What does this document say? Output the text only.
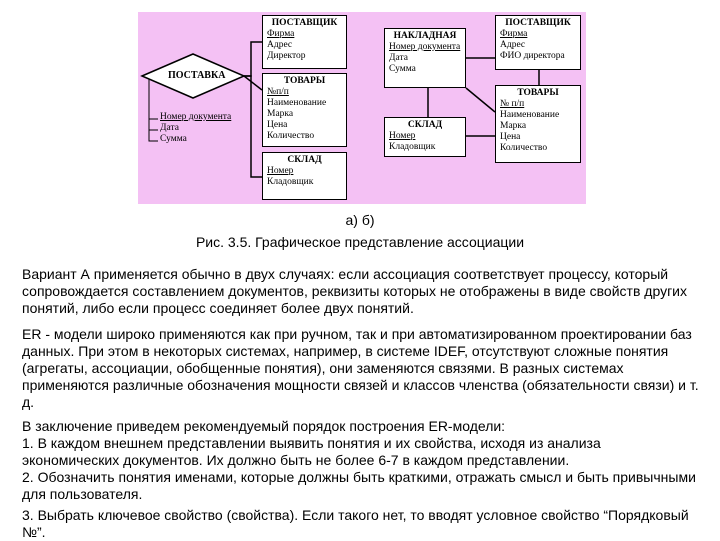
ПОСТАВКА
Номер документа
Дата
Сумма
ПОСТАВЩИК
Фирма
Адрес
Директор
ТОВАРЫ
№п/п
Наименование
Марка
Цена
Количество
СКЛАД
Номер
Кладовщик
НАКЛАДНАЯ
Номер документа
Дата
Сумма
ПОСТАВЩИК
Фирма
Адрес
ФИО директора
СКЛАД
Номер
Кладовщик
ТОВАРЫ
№ п/п
Наименование
Марка
Цена
Количество
а) б)
Рис. 3.5. Графическое представление ассоциации

Вариант А применяется обычно в двух случаях: если ассоциация соответствует процессу, который сопровождается составлением документов, реквизиты которых не отображены в виде свойств других понятий, либо если процесс соединяет более двух понятий.

ER - модели широко применяются как при ручном, так и при автоматизированном проектировании баз данных. При этом в некоторых системах, например, в системе IDEF, отсутствуют сложные понятия (агрегаты, ассоциации, обобщенные понятия), они заменяются связями. В разных системах применяются различные обозначения мощности связей и классов членства (обязательности связи) и т. д.

В заключение приведем рекомендуемый порядок построения ER-модели:

1. В каждом внешнем представлении выявить понятия и их свойства, исходя из анализа экономических документов. Их должно быть не более 6-7 в каждом представлении.

2. Обозначить понятия именами, которые должны быть краткими, отражать смысл и быть привычными для пользователя.

3. Выбрать ключевое свойство (свойства). Если такого нет, то вводят условное свойство “Порядковый №”.
